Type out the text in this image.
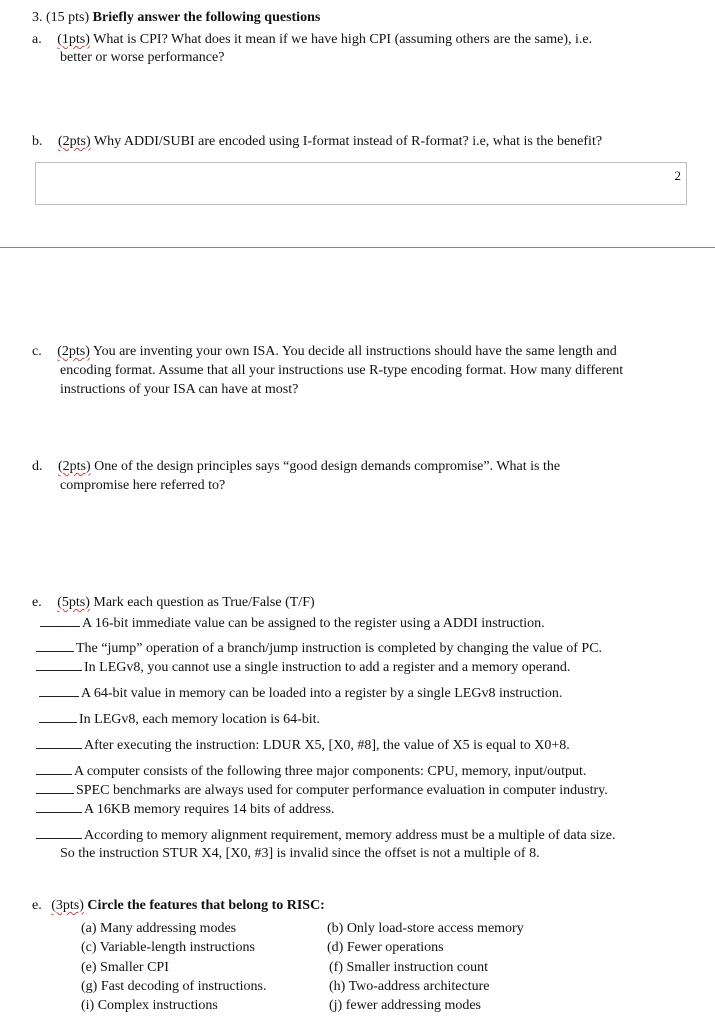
3. (15 pts) Briefly answer the following questions
a. (1pts) What is CPI? What does it mean if we have high CPI (assuming others are the same), i.e.
better or worse performance?
b. (2pts) Why ADDI/SUBI are encoded using I-format instead of R-format? i.e, what is the benefit?
2
c. (2pts) You are inventing your own ISA. You decide all instructions should have the same length and
encoding format. Assume that all your instructions use R-type encoding format. How many different
instructions of your ISA can have at most?
d. (2pts) One of the design principles says “good design demands compromise”. What is the
compromise here referred to?
e. (5pts) Mark each question as True/False (T/F)
A 16-bit immediate value can be assigned to the register using a ADDI instruction.
The “jump” operation of a branch/jump instruction is completed by changing the value of PC.
In LEGv8, you cannot use a single instruction to add a register and a memory operand.
A 64-bit value in memory can be loaded into a register by a single LEGv8 instruction.
In LEGv8, each memory location is 64-bit.
After executing the instruction: LDUR X5, [X0, #8], the value of X5 is equal to X0+8.
A computer consists of the following three major components: CPU, memory, input/output.
SPEC benchmarks are always used for computer performance evaluation in computer industry.
A 16KB memory requires 14 bits of address.
According to memory alignment requirement, memory address must be a multiple of data size.
So the instruction STUR X4, [X0, #3] is invalid since the offset is not a multiple of 8.
e. (3pts) Circle the features that belong to RISC:
(a) Many addressing modes
(c) Variable-length instructions
(e) Smaller CPI
(g) Fast decoding of instructions.
(i) Complex instructions
(b) Only load-store access memory
(d) Fewer operations
(f) Smaller instruction count
(h) Two-address architecture
(j) fewer addressing modes
